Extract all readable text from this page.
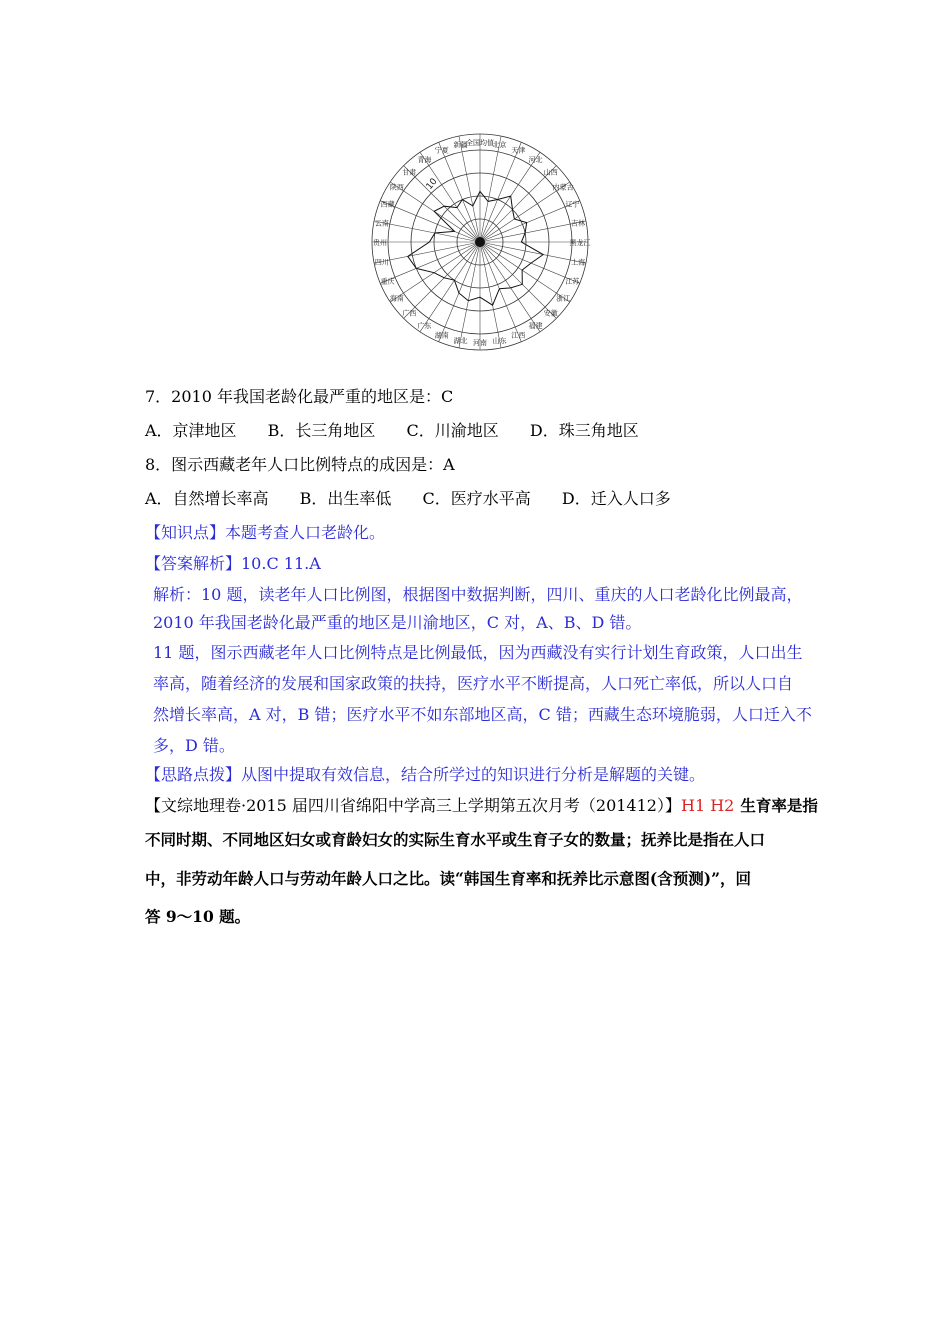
全国均值
北京
天津
河北
山西
内蒙古
辽宁
吉林
黑龙江
上海
江苏
浙江
安徽
福建
江西
山东
河南
湖北
湖南
广东
广西
海南
重庆
四川
贵州
云南
西藏
陕西
甘肃
青海
宁夏
新疆
10
7．2010 年我国老龄化最严重的地区是：C
A．京津地区 B．长三角地区 C．川渝地区 D．珠三角地区
8．图示西藏老年人口比例特点的成因是：A
A．自然增长率高 B．出生率低 C．医疗水平高 D．迁入人口多
【知识点】本题考查人口老龄化。
【答案解析】10.C 11.A
解析：10 题，读老年人口比例图，根据图中数据判断，四川、重庆的人口老龄化比例最高，
2010 年我国老龄化最严重的地区是川渝地区，C 对，A、B、D 错。
11 题，图示西藏老年人口比例特点是比例最低，因为西藏没有实行计划生育政策，人口出生
率高，随着经济的发展和国家政策的扶持，医疗水平不断提高，人口死亡率低，所以人口自
然增长率高，A 对，B 错；医疗水平不如东部地区高，C 错；西藏生态环境脆弱，人口迁入不
多，D 错。
【思路点拨】从图中提取有效信息，结合所学过的知识进行分析是解题的关键。
【文综地理卷·2015 届四川省绵阳中学高三上学期第五次月考（201412）】H1 H2 生育率是指
不同时期、不同地区妇女或育龄妇女的实际生育水平或生育子女的数量；抚养比是指在人口
中，非劳动年龄人口与劳动年龄人口之比。读“韩国生育率和抚养比示意图(含预测)”，回
答 9～10 题。
